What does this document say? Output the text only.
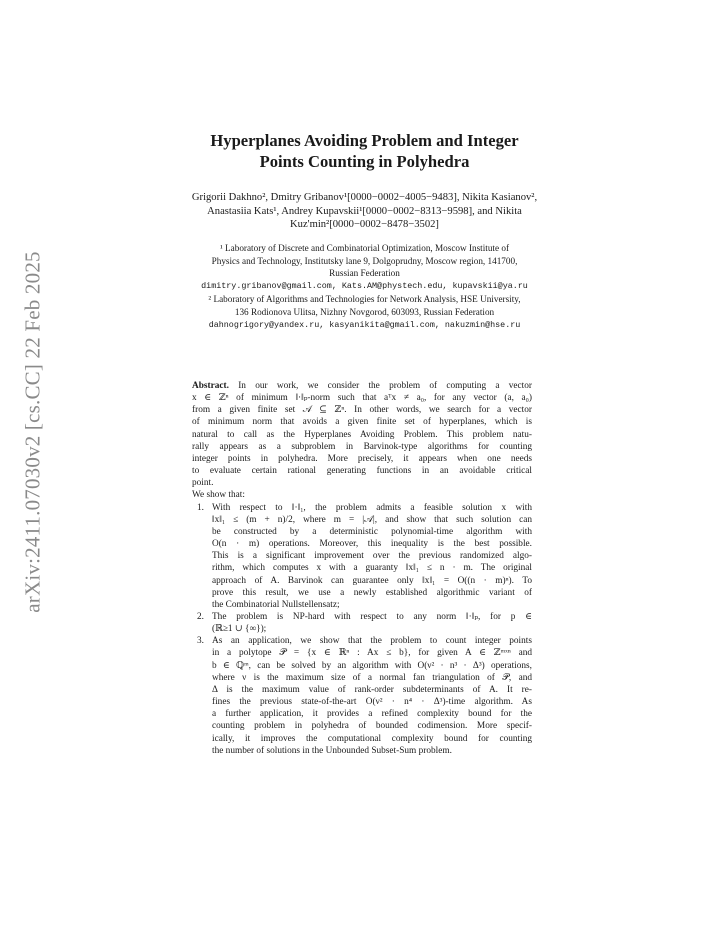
arXiv:2411.07030v2 [cs.CC] 22 Feb 2025
Hyperplanes Avoiding Problem and Integer
Points Counting in Polyhedra
Grigorii Dakhno², Dmitry Gribanov¹[0000−0002−4005−9483], Nikita Kasianov²,
Anastasiia Kats¹, Andrey Kupavskii¹[0000−0002−8313−9598], and Nikita
Kuz'min²[0000−0002−8478−3502]
¹ Laboratory of Discrete and Combinatorial Optimization, Moscow Institute of
Physics and Technology, Institutsky lane 9, Dolgoprudny, Moscow region, 141700,
Russian Federation
dimitry.gribanov@gmail.com, Kats.AM@phystech.edu, kupavskii@ya.ru
² Laboratory of Algorithms and Technologies for Network Analysis, HSE University,
136 Rodionova Ulitsa, Nizhny Novgorod, 603093, Russian Federation
dahnogrigory@yandex.ru, kasyanikita@gmail.com, nakuzmin@hse.ru

Abstract. In our work, we consider the problem of computing a vector
x ∈ ℤⁿ of minimum ‖·‖ₚ-norm such that aᵀx ≠ a₀, for any vector (a, a₀)
from a given finite set 𝒜 ⊆ ℤⁿ. In other words, we search for a vector
of minimum norm that avoids a given finite set of hyperplanes, which is
natural to call as the Hyperplanes Avoiding Problem. This problem natu-
rally appears as a subproblem in Barvinok-type algorithms for counting
integer points in polyhedra. More precisely, it appears when one needs
to evaluate certain rational generating functions in an avoidable critical
point.
We show that:

1. With respect to ‖·‖₁, the problem admits a feasible solution x with
‖x‖₁ ≤ (m + n)/2, where m = |𝒜|, and show that such solution can
be constructed by a deterministic polynomial-time algorithm with
O(n · m) operations. Moreover, this inequality is the best possible.
This is a significant improvement over the previous randomized algo-
rithm, which computes x with a guaranty ‖x‖₁ ≤ n · m. The original
approach of A. Barvinok can guarantee only ‖x‖₁ = O((n · m)ⁿ). To
prove this result, we use a newly established algorithmic variant of
the Combinatorial Nullstellensatz;
2. The problem is NP-hard with respect to any norm ‖·‖ₚ, for p ∈
(ℝ≥1 ∪ {∞});
3. As an application, we show that the problem to count integer points
in a polytope 𝒫 = {x ∈ ℝⁿ : Ax ≤ b}, for given A ∈ ℤᵐˣⁿ and
b ∈ ℚᵐ, can be solved by an algorithm with O(ν² · n³ · Δ³) operations,
where ν is the maximum size of a normal fan triangulation of 𝒫, and
Δ is the maximum value of rank-order subdeterminants of A. It re-
fines the previous state-of-the-art O(ν² · n⁴ · Δ³)-time algorithm. As
a further application, it provides a refined complexity bound for the
counting problem in polyhedra of bounded codimension. More specif-
ically, it improves the computational complexity bound for counting
the number of solutions in the Unbounded Subset-Sum problem.
